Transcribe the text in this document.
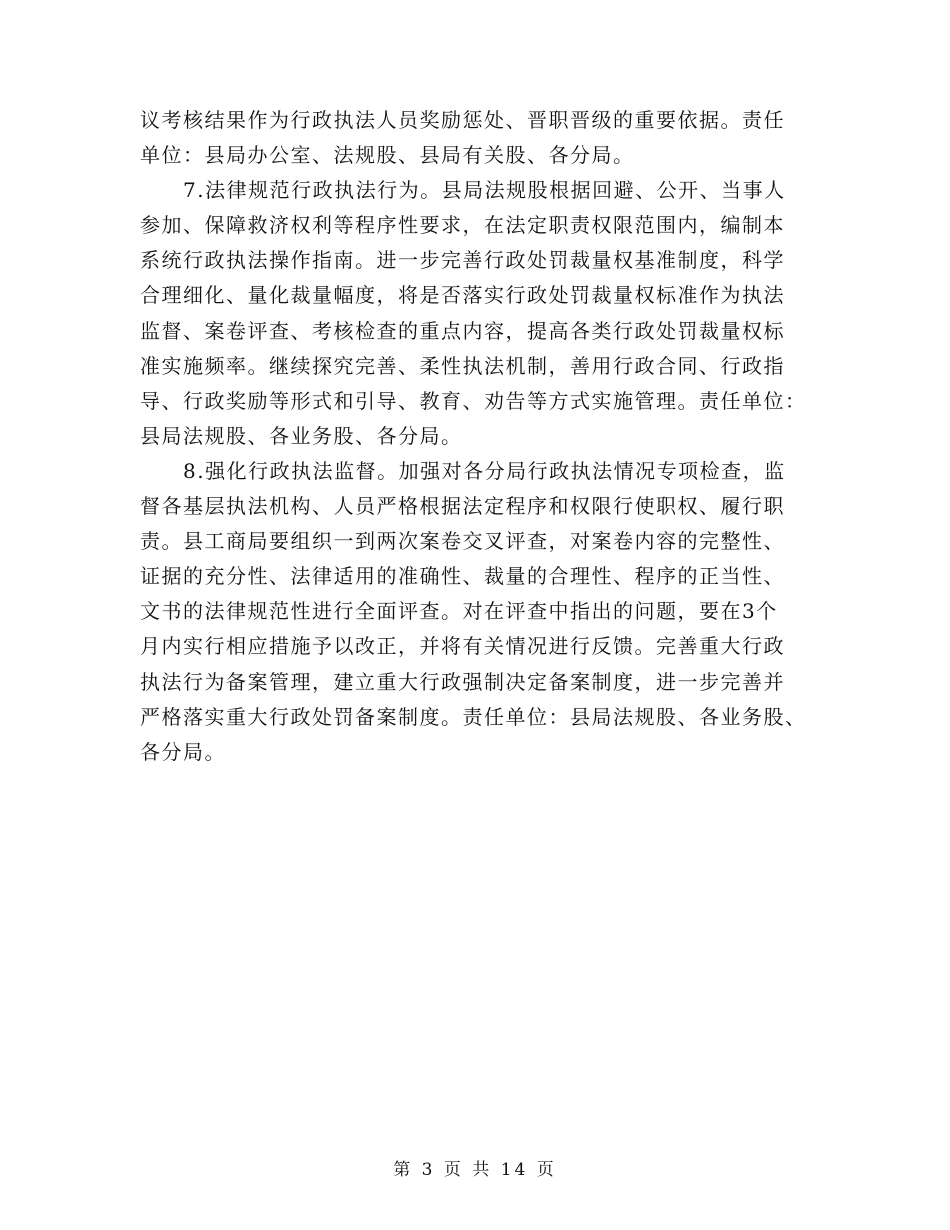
议考核结果作为行政执法人员奖励惩处、晋职晋级的重要依据。责任
单位：县局办公室、法规股、县局有关股、各分局。
7.法律规范行政执法行为。县局法规股根据回避、公开、当事人
参加、保障救济权利等程序性要求，在法定职责权限范围内，编制本
系统行政执法操作指南。进一步完善行政处罚裁量权基准制度，科学
合理细化、量化裁量幅度，将是否落实行政处罚裁量权标准作为执法
监督、案卷评查、考核检查的重点内容，提高各类行政处罚裁量权标
准实施频率。继续探究完善、柔性执法机制，善用行政合同、行政指
导、行政奖励等形式和引导、教育、劝告等方式实施管理。责任单位：
县局法规股、各业务股、各分局。
8.强化行政执法监督。加强对各分局行政执法情况专项检查，监
督各基层执法机构、人员严格根据法定程序和权限行使职权、履行职
责。县工商局要组织一到两次案卷交叉评查，对案卷内容的完整性、
证据的充分性、法律适用的准确性、裁量的合理性、程序的正当性、
文书的法律规范性进行全面评查。对在评查中指出的问题，要在3个
月内实行相应措施予以改正，并将有关情况进行反馈。完善重大行政
执法行为备案管理，建立重大行政强制决定备案制度，进一步完善并
严格落实重大行政处罚备案制度。责任单位：县局法规股、各业务股、
各分局。
第 3 页 共 14 页
